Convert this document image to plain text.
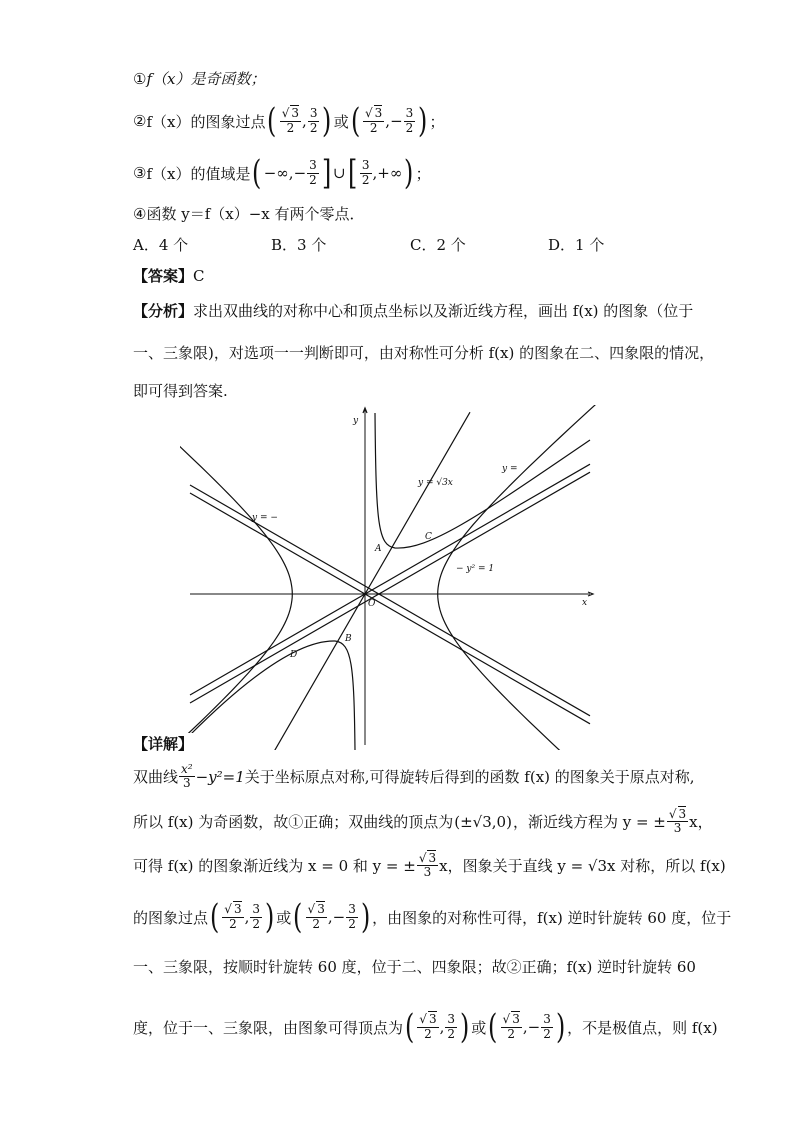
① f（x）是奇函数；
② f（x）的图象过点 ( √ $\frac{3}{2}$ , $\frac{3}{2}$ ) 或 ( √ $\frac{3}{2}$ ,− $\frac{3}{2}$ ) ；
③ f（x）的值域是 ( −∞,− $\frac{3}{2}$ ] ∪ [ $\frac{3}{2}$ ,+∞ ) ；
④ 函数 y＝f（x）−x 有两个零点．
A．4 个	B．3 个	C．2 个	D．1 个
【答案】C
【分析】求出双曲线的对称中心和顶点坐标以及渐近线方程，画出 f(x) 的图象（位于
一、三象限)，对选项一一判断即可，由对称性可分析 f(x) 的图象在二、四象限的情况，
即可得到答案.
x
y
O
A
C
B
D
y = √3x
y =
y = −
− y² = 1
【详解】
双曲线 $\frac{\text{x²}}{3} -y^2=1$ 关于坐标原点对称,可得旋转后得到的函数 f(x) 的图象关于原点对称,
所以 f(x) 为奇函数，故①正确；双曲线的顶点为 (±√3,0) ，渐近线方程为 y = ± √ $\frac{3}{3}$ x，
可得 f(x) 的图象渐近线为 x = 0 和 y = ± √ $\frac{3}{3}$ x，图象关于直线 y = √3x 对称，所以 f(x)
的图象过点 ( √ $\frac{3}{2}$ , $\frac{3}{2}$ ) 或 ( √ $\frac{3}{2}$ ,− $\frac{3}{2}$ ) ，由图象的对称性可得，f(x) 逆时针旋转 60 度，位于
一、三象限，按顺时针旋转 60 度，位于二、四象限；故②正确；f(x) 逆时针旋转 60
度，位于一、三象限，由图象可得顶点为 ( √ $\frac{3}{2}$ , $\frac{3}{2}$ ) 或 ( √ $\frac{3}{2}$ ,− $\frac{3}{2}$ ) ，不是极值点，则 f(x)
